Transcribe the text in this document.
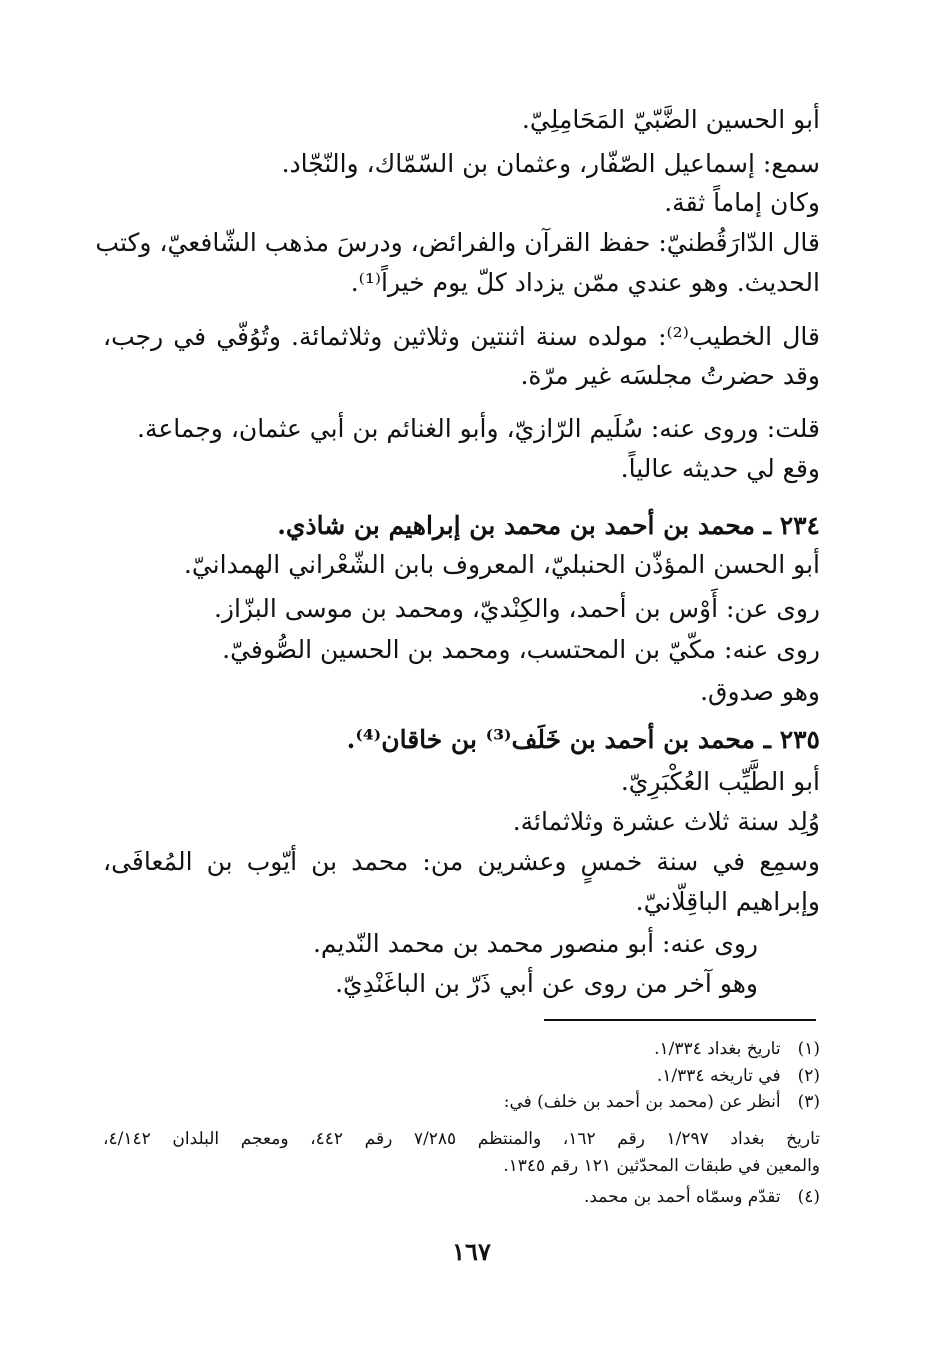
أبو الحسين الضَّبّيّ المَحَامِلِيّ.
سمع: إسماعيل الصّفّار، وعثمان بن السّمّاك، والنّجّاد.
وكان إماماً ثقة.
قال الدّارَقُطنيّ: حفظ القرآن والفرائض، ودرسَ مذهب الشّافعيّ، وكتب
الحديث. وهو عندي ممّن يزداد كلّ يوم خيراً⁽¹⁾.
قال الخطيب⁽²⁾: مولده سنة اثنتين وثلاثين وثلاثمائة. وتُوُفّي في رجب،
وقد حضرتُ مجلسَه غير مرّة.
قلت: وروى عنه: سُلَيم الرّازيّ، وأبو الغنائم بن أبي عثمان، وجماعة.
وقع لي حديثه عالياً.
٢٣٤ ـ محمد بن أحمد بن محمد بن إبراهيم بن شاذي.
أبو الحسن المؤذّن الحنبليّ، المعروف بابن الشّعْراني الهمدانيّ.
روى عن: أَوْس بن أحمد، والكِنْديّ، ومحمد بن موسى البزّاز.
روى عنه: مكّيّ بن المحتسب، ومحمد بن الحسين الصُّوفيّ.
وهو صدوق.
٢٣٥ ـ محمد بن أحمد بن خَلَف⁽³⁾ بن خاقان⁽⁴⁾.
أبو الطَّيِّب العُكْبَرِيّ.
وُلِد سنة ثلاث عشرة وثلاثمائة.
وسمِع في سنة خمسٍ وعشرين من: محمد بن أيّوب بن المُعافَى،
وإبراهيم الباقِلّانيّ.
روى عنه: أبو منصور محمد بن محمد النّديم.
وهو آخر من روى عن أبي ذَرّ بن الباغَنْدِيّ.
(١) تاريخ بغداد ١/٣٣٤.
(٢) في تاريخه ١/٣٣٤.
(٣) أنظر عن (محمد بن أحمد بن خلف) في:
تاريخ بغداد ١/٢٩٧ رقم ١٦٢، والمنتظم ٧/٢٨٥ رقم ٤٤٢، ومعجم البلدان ٤/١٤٢،
والمعين في طبقات المحدّثين ١٢١ رقم ١٣٤٥.
(٤) تقدّم وسمّاه أحمد بن محمد.
١٦٧
